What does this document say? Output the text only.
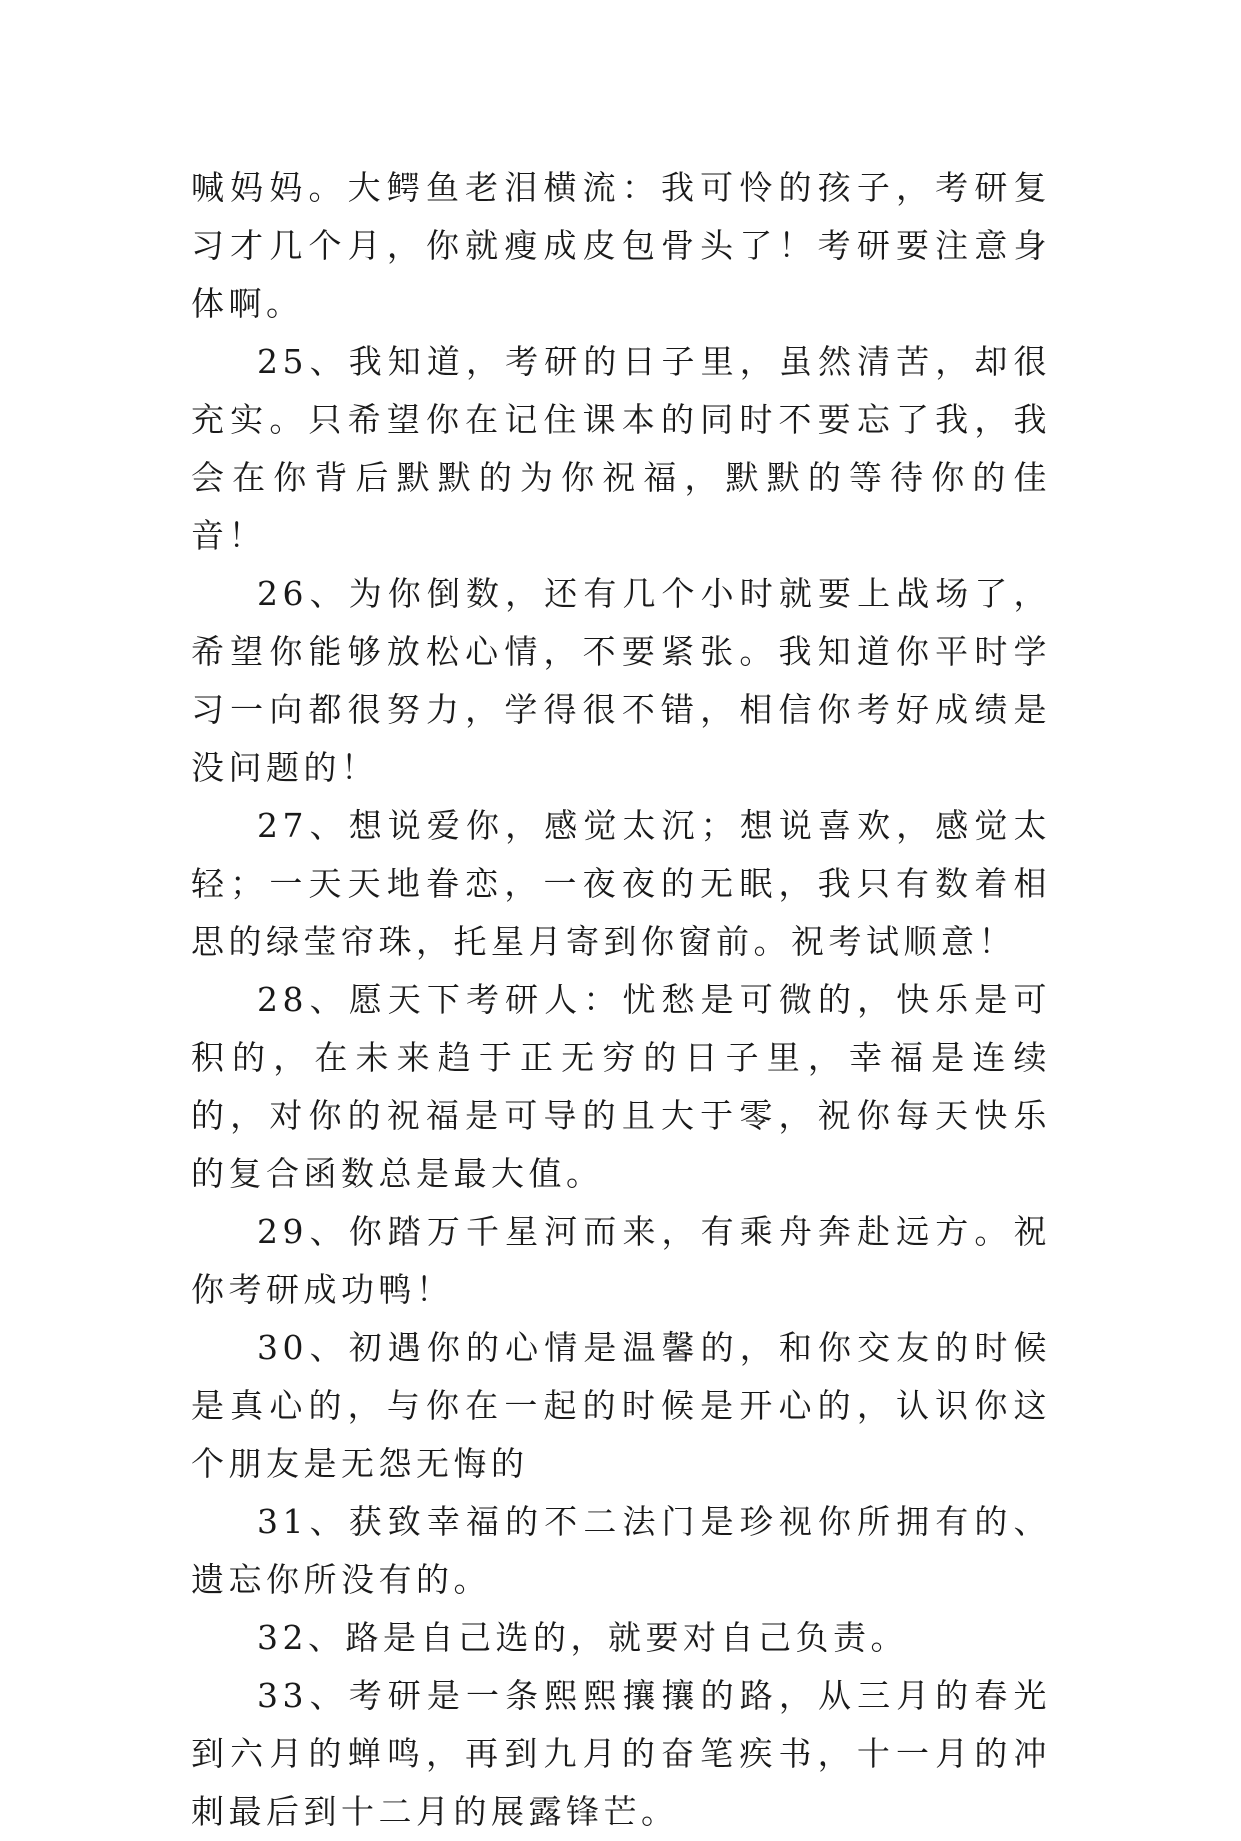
喊妈妈。大鳄鱼老泪横流：我可怜的孩子，考研复习才几个月，你就瘦成皮包骨头了！考研要注意身体啊。

25、我知道，考研的日子里，虽然清苦，却很充实。只希望你在记住课本的同时不要忘了我，我会在你背后默默的为你祝福，默默的等待你的佳音！

26、为你倒数，还有几个小时就要上战场了，希望你能够放松心情，不要紧张。我知道你平时学习一向都很努力，学得很不错，相信你考好成绩是没问题的！

27、想说爱你，感觉太沉；想说喜欢，感觉太轻；一天天地眷恋，一夜夜的无眠，我只有数着相思的绿莹帘珠，托星月寄到你窗前。祝考试顺意！

28、愿天下考研人：忧愁是可微的，快乐是可积的，在未来趋于正无穷的日子里，幸福是连续的，对你的祝福是可导的且大于零，祝你每天快乐的复合函数总是最大值。

29、你踏万千星河而来，有乘舟奔赴远方。祝你考研成功鸭！

30、初遇你的心情是温馨的，和你交友的时候是真心的，与你在一起的时候是开心的，认识你这个朋友是无怨无悔的

31、获致幸福的不二法门是珍视你所拥有的、遗忘你所没有的。

32、路是自己选的，就要对自己负责。

33、考研是一条熙熙攘攘的路，从三月的春光到六月的蝉鸣，再到九月的奋笔疾书，十一月的冲刺最后到十二月的展露锋芒。
